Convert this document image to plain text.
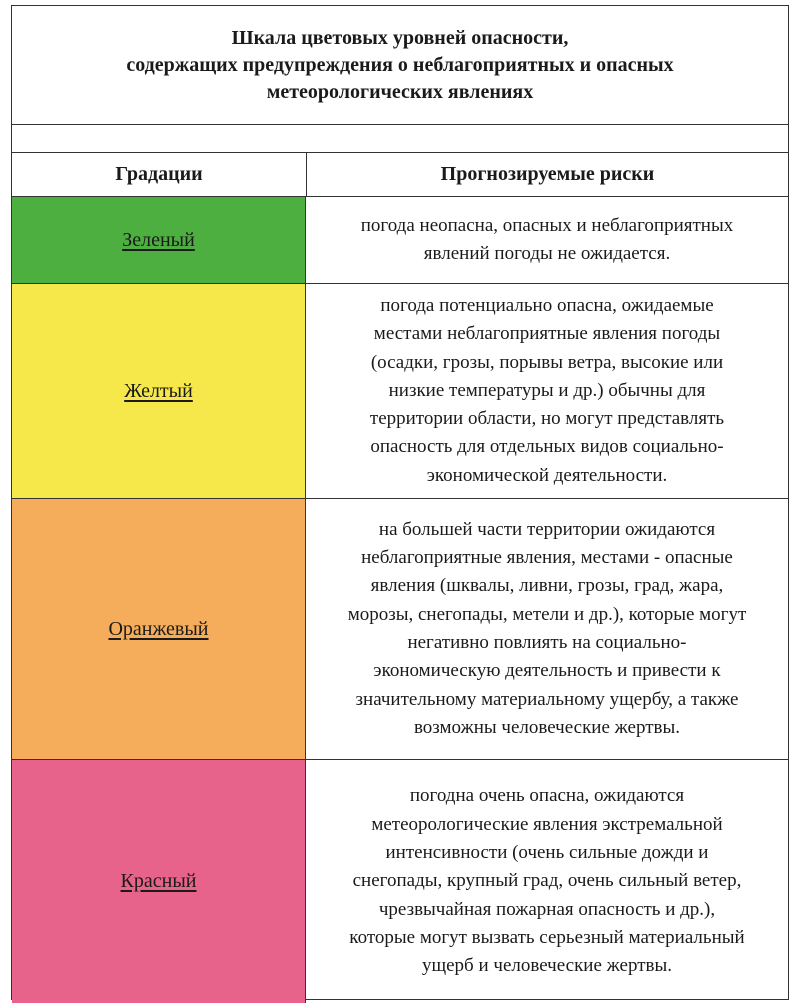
Шкала цветовых уровней опасности,
содержащих предупреждения о неблагоприятных и опасных
метеорологических явлениях
Градации	Прогнозируемые риски
Зеленый
погода неопасна, опасных и неблагоприятных
явлений погоды не ожидается.
Желтый
погода потенциально опасна, ожидаемые
местами неблагоприятные явления погоды
(осадки, грозы, порывы ветра, высокие или
низкие температуры и др.) обычны для
территории области, но могут представлять
опасность для отдельных видов социально-
экономической деятельности.
Оранжевый
на большей части территории ожидаются
неблагоприятные явления, местами - опасные
явления (шквалы, ливни, грозы, град, жара,
морозы, снегопады, метели и др.), которые могут
негативно повлиять на социально-
экономическую деятельность и привести к
значительному материальному ущербу, а также
возможны человеческие жертвы.
Красный
погодна очень опасна, ожидаются
метеорологические явления экстремальной
интенсивности (очень сильные дожди и
снегопады, крупный град, очень сильный ветер,
чрезвычайная пожарная опасность и др.),
которые могут вызвать серьезный материальный
ущерб и человеческие жертвы.
